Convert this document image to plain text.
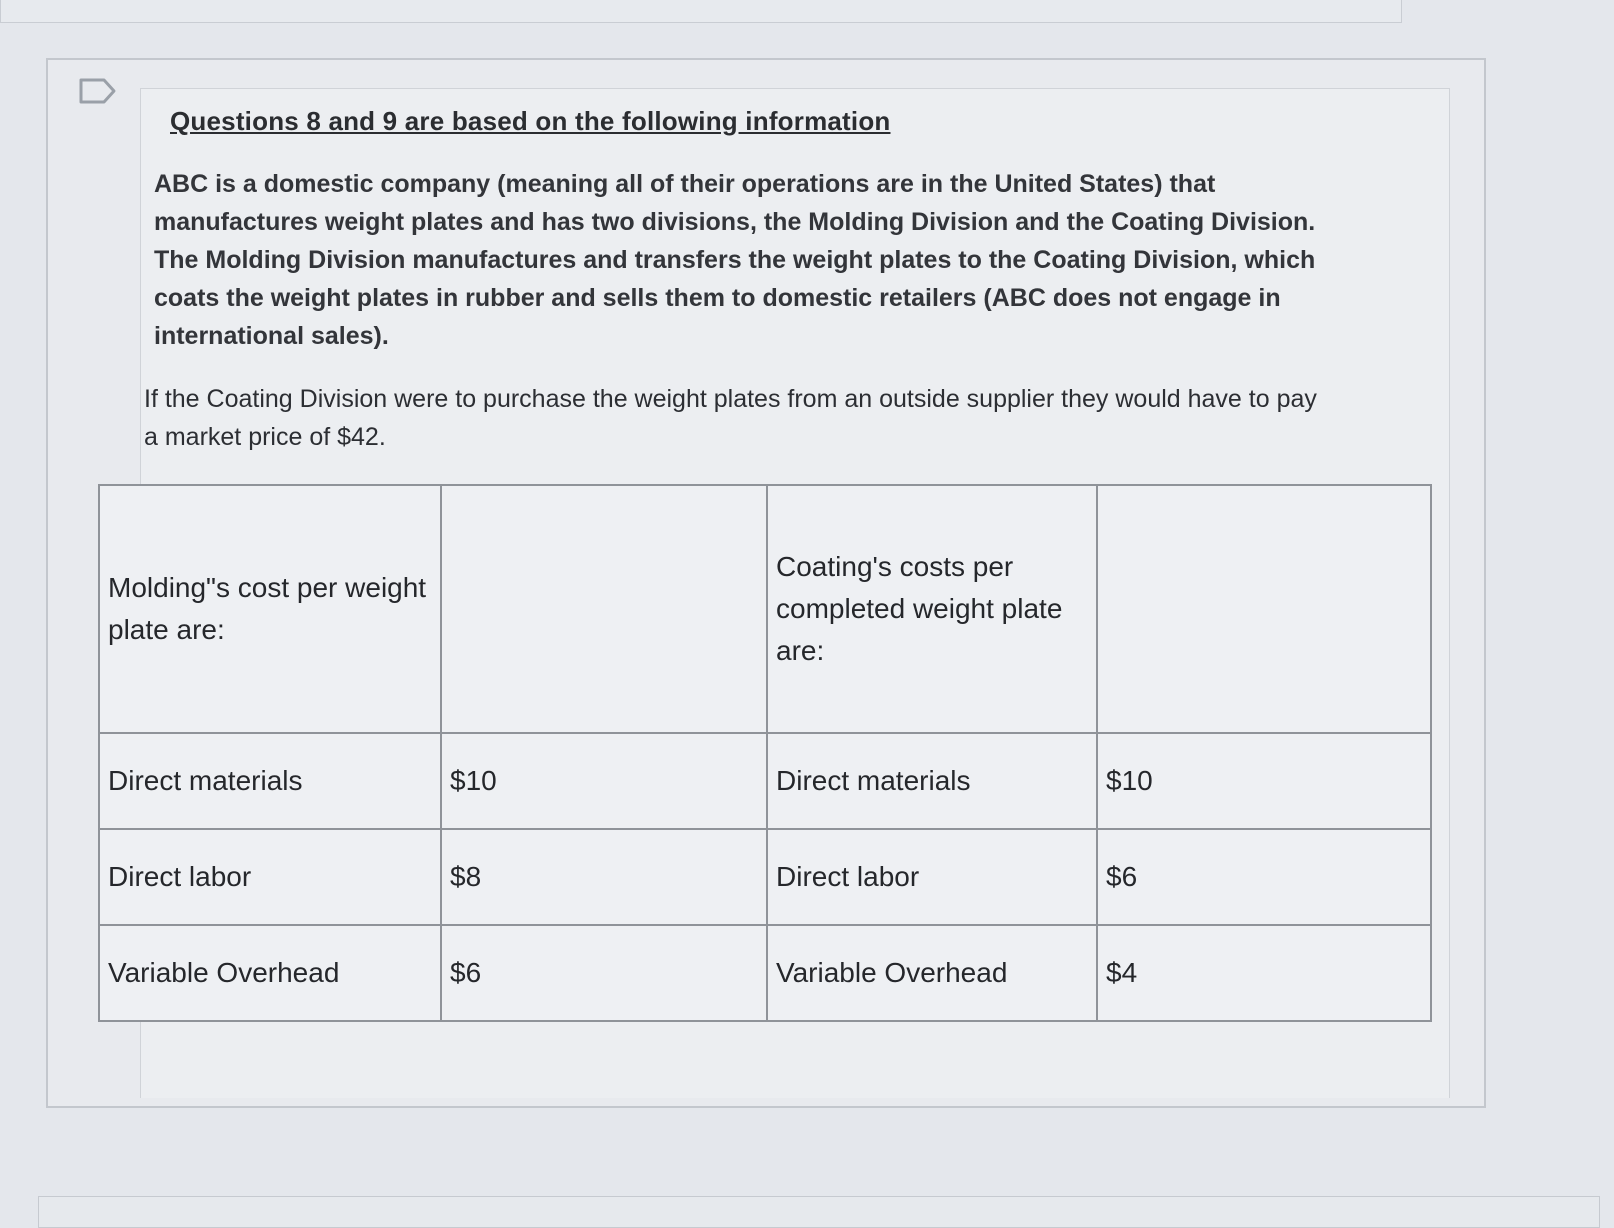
Questions 8 and 9 are based on the following information

ABC is a domestic company (meaning all of their operations are in the United States) that manufactures weight plates and has two divisions, the Molding Division and the Coating Division. The Molding Division manufactures and transfers the weight plates to the Coating Division, which coats the weight plates in rubber and sells them to domestic retailers (ABC does not engage in international sales).

If the Coating Division were to purchase the weight plates from an outside supplier they would have to pay a market price of $42.

Molding"s cost per weight plate are:		Coating's costs per completed weight plate are:	
Direct materials	$10	Direct materials	$10
Direct labor	$8	Direct labor	$6
Variable Overhead	$6	Variable Overhead	$4
